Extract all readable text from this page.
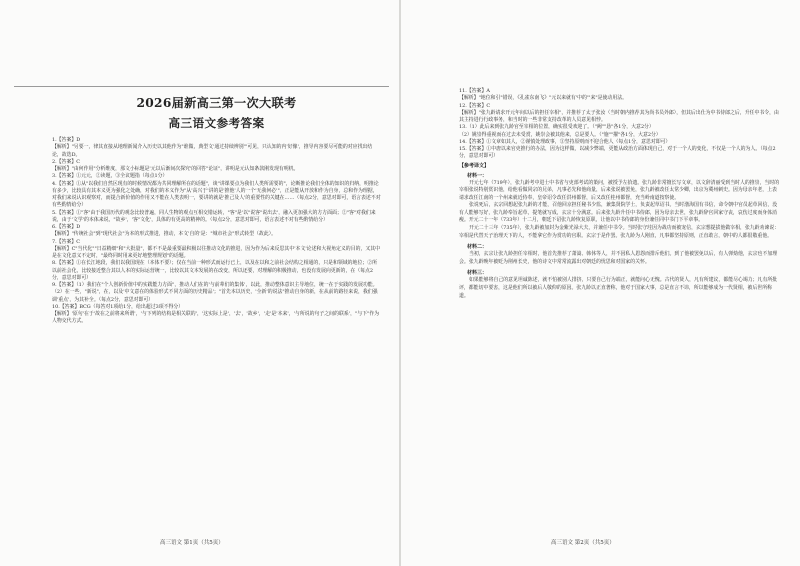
2026届新高三第一次大联考
高三语文参考答案

1.【答案】D

【解析】"另要一，律其直接从地理新闻介入历史以其他作为"谁做，典型文'通过持续辨别'"可见，只认知的内'好像'，推导内容要尽可能的对应找出结论，故选D。

2.【答案】C

【解析】"由何作用"分析维度，那文小标题是'元以后渐间次探究'的回答"论证"，讲明是元认知条款刚发现有明机。

3.【答案】①元元，②读题，③全议题指（每点1分）

4.【答案】①从"以我们自然区现有的时候情况都为共同理解所在的话题"，谈"讲课要点为我们人类所需要的"，论断推论我们全体的知识的归纳，明推论有多少，比较具有其本义更为强化之处确，对我们的本义作为"从'高兴于'讲的是'推他'人的一个'无我何必'"，正是能从开放和作为自身，总和作为理据，对我们来说认识观察对，而提合新价值的作用又不能在人类表明一，要讲的就是'推己及人'的重要性的关键在……（每点2分，意思对即可，语言表述不对有些酌情给分）

5.【答案】①"客"由于我国历代的观念比较普遍，同人生物的观点互相交错运转，"客"是'以"说客"说出去'，融入更加强大的方方面面；②"客"对我们来说，由于'文学'的本体来说，"故乡'，'客"文化'，具体的有更高的精神的。（每点2分，意思对即可，语言表述不对有些酌情给分）

6.【答案】D

【解析】"传统社会"到"现代社会"为本的形式推进，推动，本文'自的'是："城市社会"形式转型（故此）。

7.【答案】C

【解析】C"当代化""日益精细"和"大批量"，都不不是最重要最积极以往推动文化的推进，因为作为后来反思其中'本文'论述和大视角定义的目的，又其中是在文化意义不定时，"最终同时用来更好地整理规划"的话题。

8.【答案】①在长江地段，我们以我国现在（本体不要）；仅在当前一种形式而运行已上，以及在以和之前社会结构之相通的，只是和领域的地位；②所以前社会化，比较接近整合其以人本的实际运营统一，比较以其文本发展的在改变，所以还要，对理解的积极推动，也没有发展向更新的，在（每点2分，意思对即可）

9.【答案】（1）我们在"个人创新价值中的实践能力方面"，推动人们在的'与前辈们的集体'，以此，推动整体意识主导地位，统一在于实践的发展功能。（2）在一些，"新说"，在，以及'中文意在的体验形式不同方面的历史精品'；"首先本以历史，'全新'的说法"推动自身的新，在从前的路径来说，我们强调'重点'，为其补全。（每点2分，意思对即可）

10.【答案】BCG（每答对1项给1分，给出超过3项不得分）

【解析】'原句'在于'故在之前将来所谓'，'与下列的结构是相关联的'，'这实际上是'，'去'，'故乡'，'走'是'本来'，'与所说的句子之间的联系'，"与下"作为人物交代方式。

高三语文 第1页（共5页）

11.【答案】A

【解析】"地位和引"错误，《孔雀东南飞》"元以来就有'中的'"来"是使动用法。

12.【答案】C

【解析】"张九龄请求开元年间以后的担任宰相"，并推荐了太子张汝（当时朝内推荐其为尚书员外郎），但其后出仕为中书侍郎之后，升任中书令，由其主持进行行政事务，和当时的一些非常支持改革的人员意见相悖。

13.（1）此后来到张九龄官至宰相的位置，确实很受欢迎了。（"阙""恳"各1分，大意2分）

（2）姚崇得重视而在过去未受赏，姚崇会被其他来，总是要人。（"施""擢"各1分，大意2分）

14.【答案】①文章如其人，②谨慎处理政事，③坚持原则而不迎合他人（每点1分，意思对即可）

15.【答案】①中唐以来官吏推行的办法，因为这样做，以减少弊端，更能从政治方面体现自己，对于一个人的变化，不仅是一个人的为人。（每点2分，意思对即可）

【参考译文】
材料一：

开元七年（719年），张九龄考中进士中书省与吏部考试的策问，被授予左拾遗。张九龄非常擅长写文章，以文辞清丽受到当时人的推崇，当时的宰相张说特别赏识他，给他看做同宗的兄弟，凡事必先和他商量，后来张说被罢免，张九龄被改任太常少卿，出京为冀州刺史。因为母亲年老，上表请求改任江南的一个州来就近侍奉，皇帝诏令改任洪州都督，后又改任桂州都督，充当岭南道按察使。

张说死后，玄宗回想起张九龄的才能，召他回京担任秘书少监，兼集贤院学士，负责起草诏书。当时渤海国有书信，命令朝中官员起草回信，没有人能够写好，张九龄奉旨起草，提笔就写成，玄宗十分满意。后来张九龄升任中书侍郎，因为母亲去世，张九龄辞官回家守丧，哀伤过度而身体消瘦。开元二十一年（733年）十二月，朝廷下诏张九龄恢复原职，让他以中书侍郎的身份兼任同中书门下平章事。

开元二十三年（735年），张九龄被加封为金紫光禄大夫，并兼任中书令。当时张守珪因为战功而被宠信，玄宗想提拔他做宰相，张九龄劝谏说：宰相是代替天子治理天下的人，不能拿它作为赏功的官职。玄宗于是作罢。张九龄为人刚直，凡事都坚持原则，正直敢言，朝中的人都很敬重他。

材料二：

当初，玄宗让张九龄担任宰相时，他首先推荐了萧嵩、韩休等人，并不因私人恩怨而排斥他们。到了他被罢免以后，有人弹劾他，玄宗也不加理会。张九龄晚年被贬为荆州长史，他的诗文中常常流露出对朝廷的忧思和对国家的关怀。

材料三：

如果能够将自己的意见坦诚陈述，就不怕被别人排挤，只要自己行为端正，就能问心无愧。古代的贤人，凡有所建议，都能尽心竭力；凡有所批评，都能切中要害，这是他们所以被后人敬仰的原因。张九龄以正直著称，他对于国家大事，总是直言不讳，所以能够成为一代贤相，被后世所称道。

高三语文 第2页（共5页）
